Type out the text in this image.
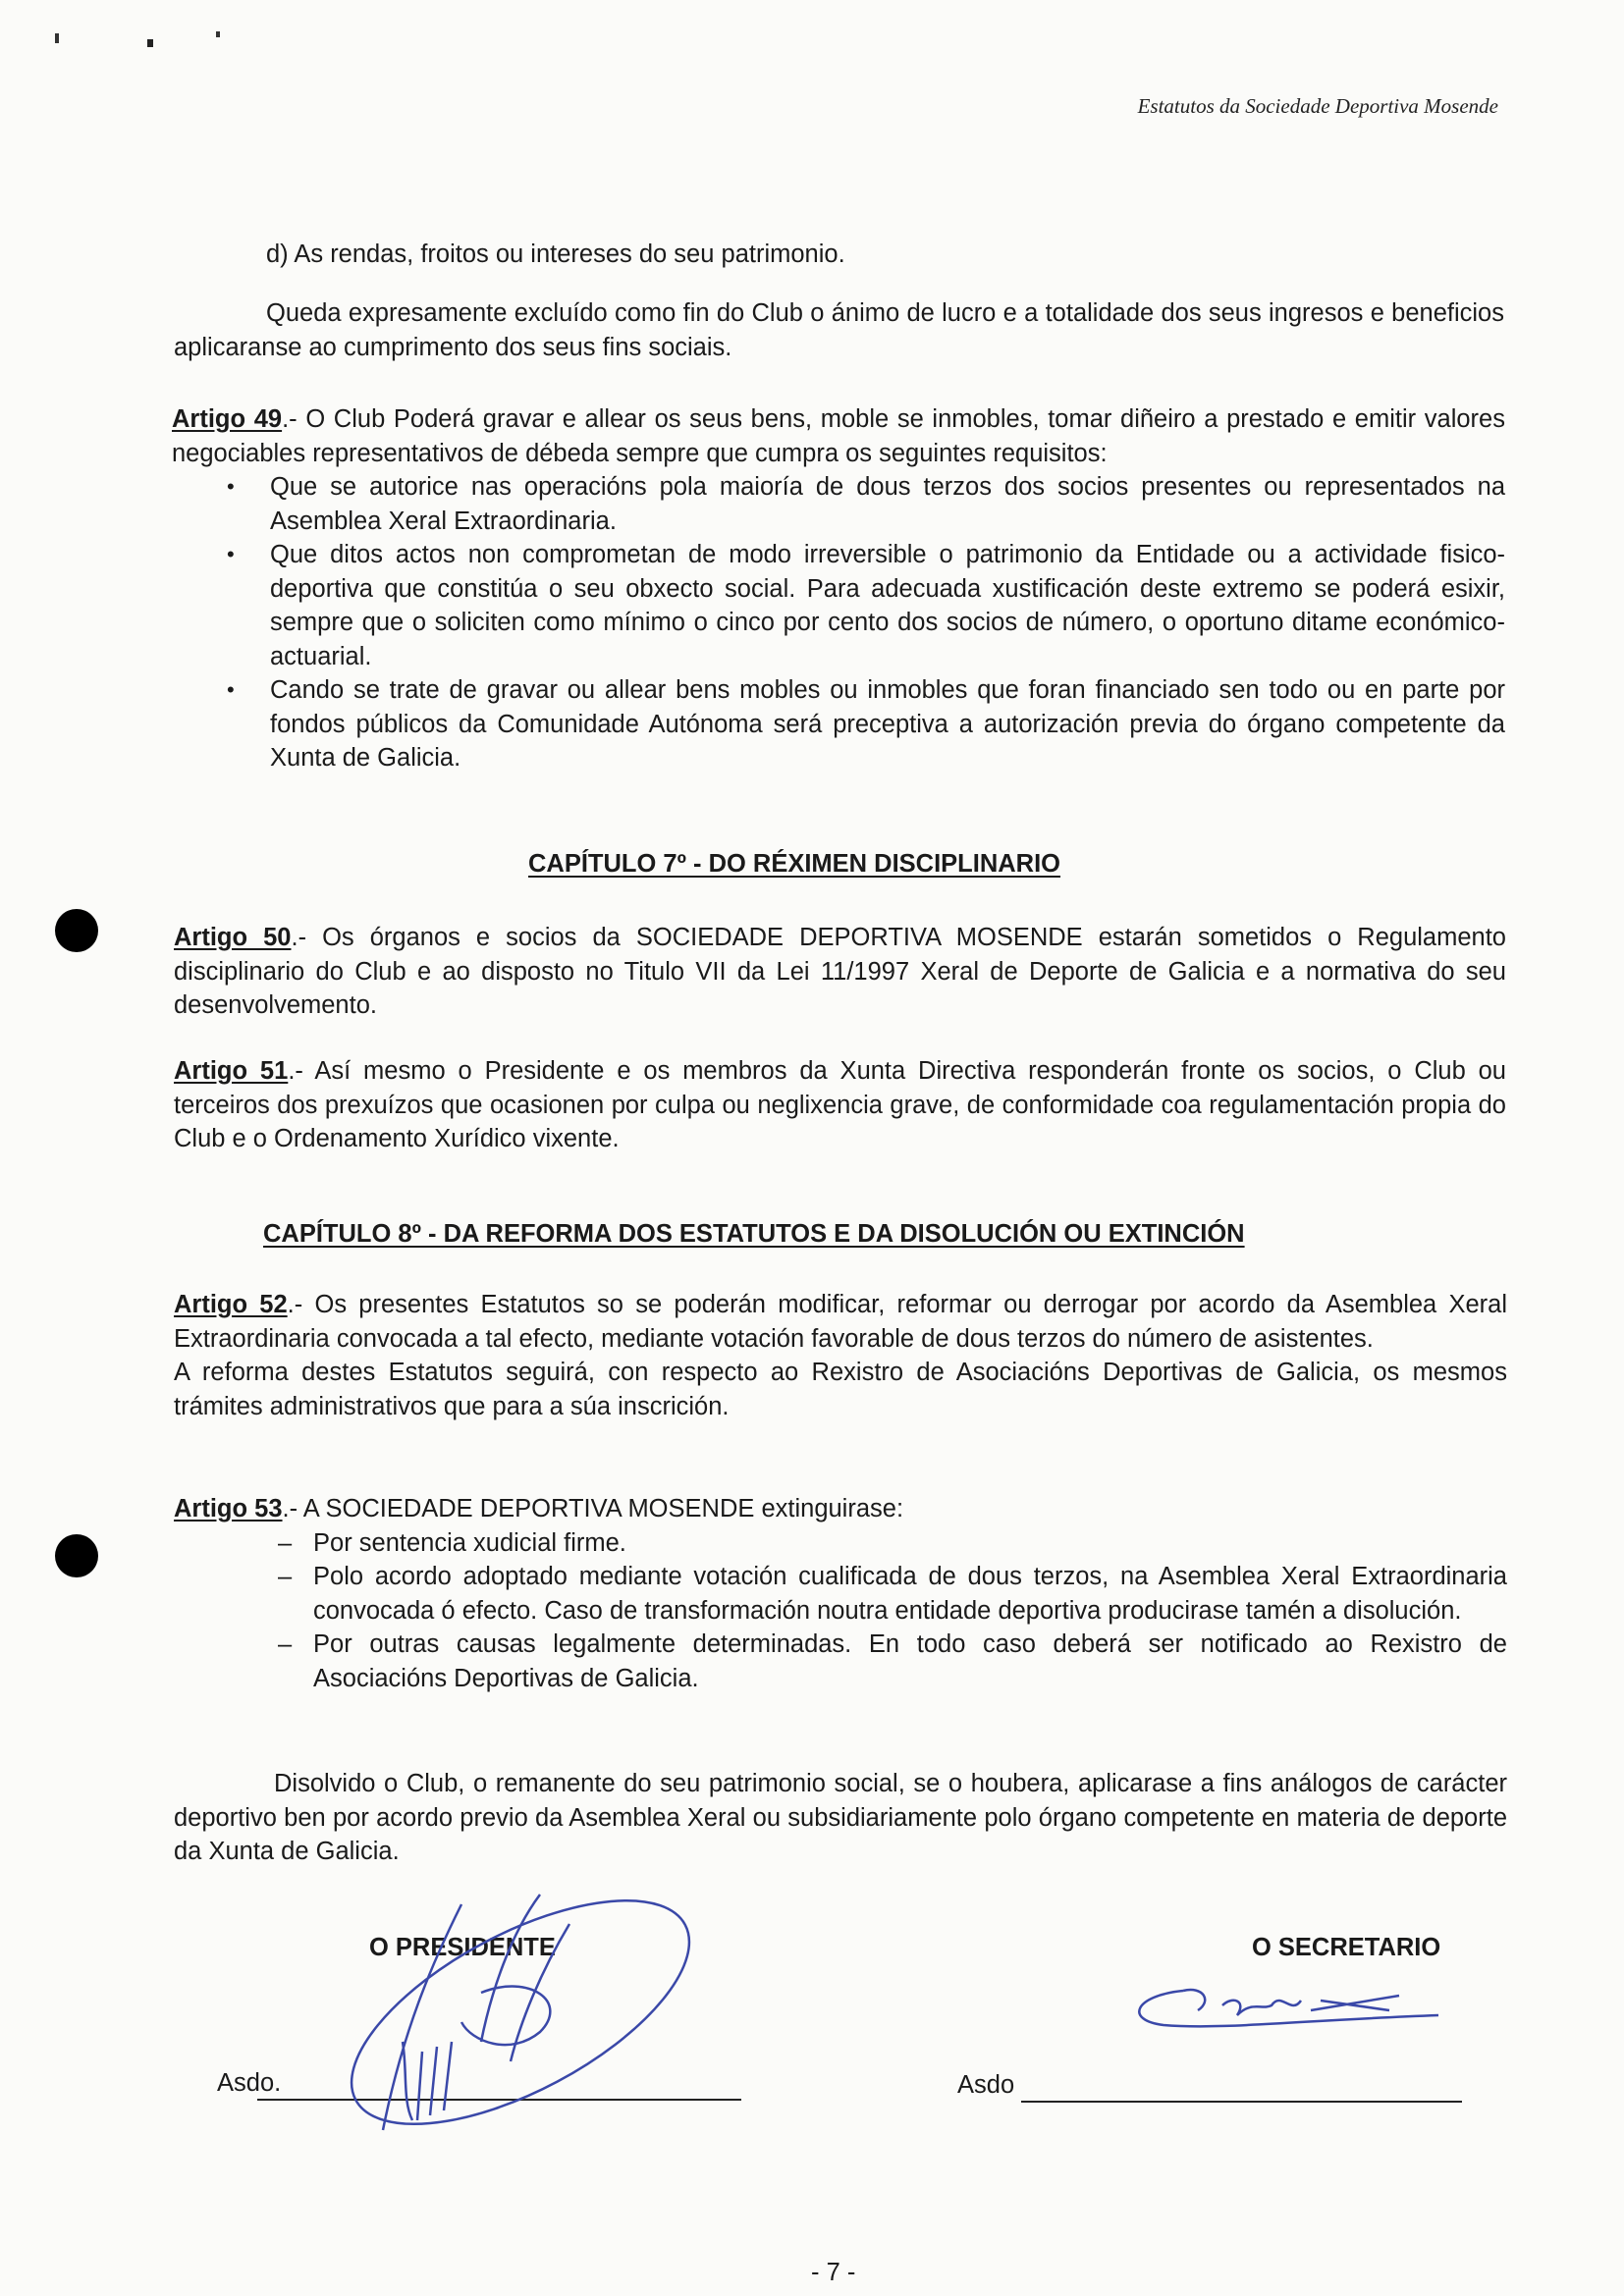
Estatutos da Sociedade Deportiva Mosende
d) As rendas, froitos ou intereses do seu patrimonio.
Queda expresamente excluído como fin do Club o ánimo de lucro e a totalidade dos seus ingresos e beneficios aplicaranse ao cumprimento dos seus fins sociais.
Artigo 49.- O Club Poderá gravar e allear os seus bens, moble se inmobles, tomar diñeiro a prestado e emitir valores negociables representativos de débeda sempre que cumpra os seguintes requisitos:
• Que se autorice nas operacións pola maioría de dous terzos dos socios presentes ou representados na Asemblea Xeral Extraordinaria.
• Que ditos actos non comprometan de modo irreversible o patrimonio da Entidade ou a actividade fisico-deportiva que constitúa o seu obxecto social. Para adecuada xustificación deste extremo se poderá esixir, sempre que o soliciten como mínimo o cinco por cento dos socios de número, o oportuno ditame económico-actuarial.
• Cando se trate de gravar ou allear bens mobles ou inmobles que foran financiado sen todo ou en parte por fondos públicos da Comunidade Autónoma será preceptiva a autorización previa do órgano competente da Xunta de Galicia.
CAPÍTULO 7º - DO RÉXIMEN DISCIPLINARIO
Artigo 50.- Os órganos e socios da SOCIEDADE DEPORTIVA MOSENDE estarán sometidos o Regulamento disciplinario do Club e ao disposto no Titulo VII da Lei 11/1997 Xeral de Deporte de Galicia e a normativa do seu desenvolvemento.
Artigo 51.- Así mesmo o Presidente e os membros da Xunta Directiva responderán fronte os socios, o Club ou terceiros dos prexuízos que ocasionen por culpa ou neglixencia grave, de conformidade coa regulamentación propia do Club e o Ordenamento Xurídico vixente.
CAPÍTULO 8º - DA REFORMA DOS ESTATUTOS E DA DISOLUCIÓN OU EXTINCIÓN
Artigo 52.- Os presentes Estatutos so se poderán modificar, reformar ou derrogar por acordo da Asemblea Xeral Extraordinaria convocada a tal efecto, mediante votación favorable de dous terzos do número de asistentes.
A reforma destes Estatutos seguirá, con respecto ao Rexistro de Asociacións Deportivas de Galicia, os mesmos trámites administrativos que para a súa inscrición.
Artigo 53.- A SOCIEDADE DEPORTIVA MOSENDE extinguirase:
– Por sentencia xudicial firme.
– Polo acordo adoptado mediante votación cualificada de dous terzos, na Asemblea Xeral Extraordinaria convocada ó efecto. Caso de transformación noutra entidade deportiva producirase tamén a disolución.
– Por outras causas legalmente determinadas. En todo caso deberá ser notificado ao Rexistro de Asociacións Deportivas de Galicia.
Disolvido o Club, o remanente do seu patrimonio social, se o houbera, aplicarase a fins análogos de carácter deportivo ben por acordo previo da Asemblea Xeral ou subsidiariamente polo órgano competente en materia de deporte da Xunta de Galicia.
O PRESIDENTE	O SECRETARIO
Asdo.	Asdo
- 7 -
